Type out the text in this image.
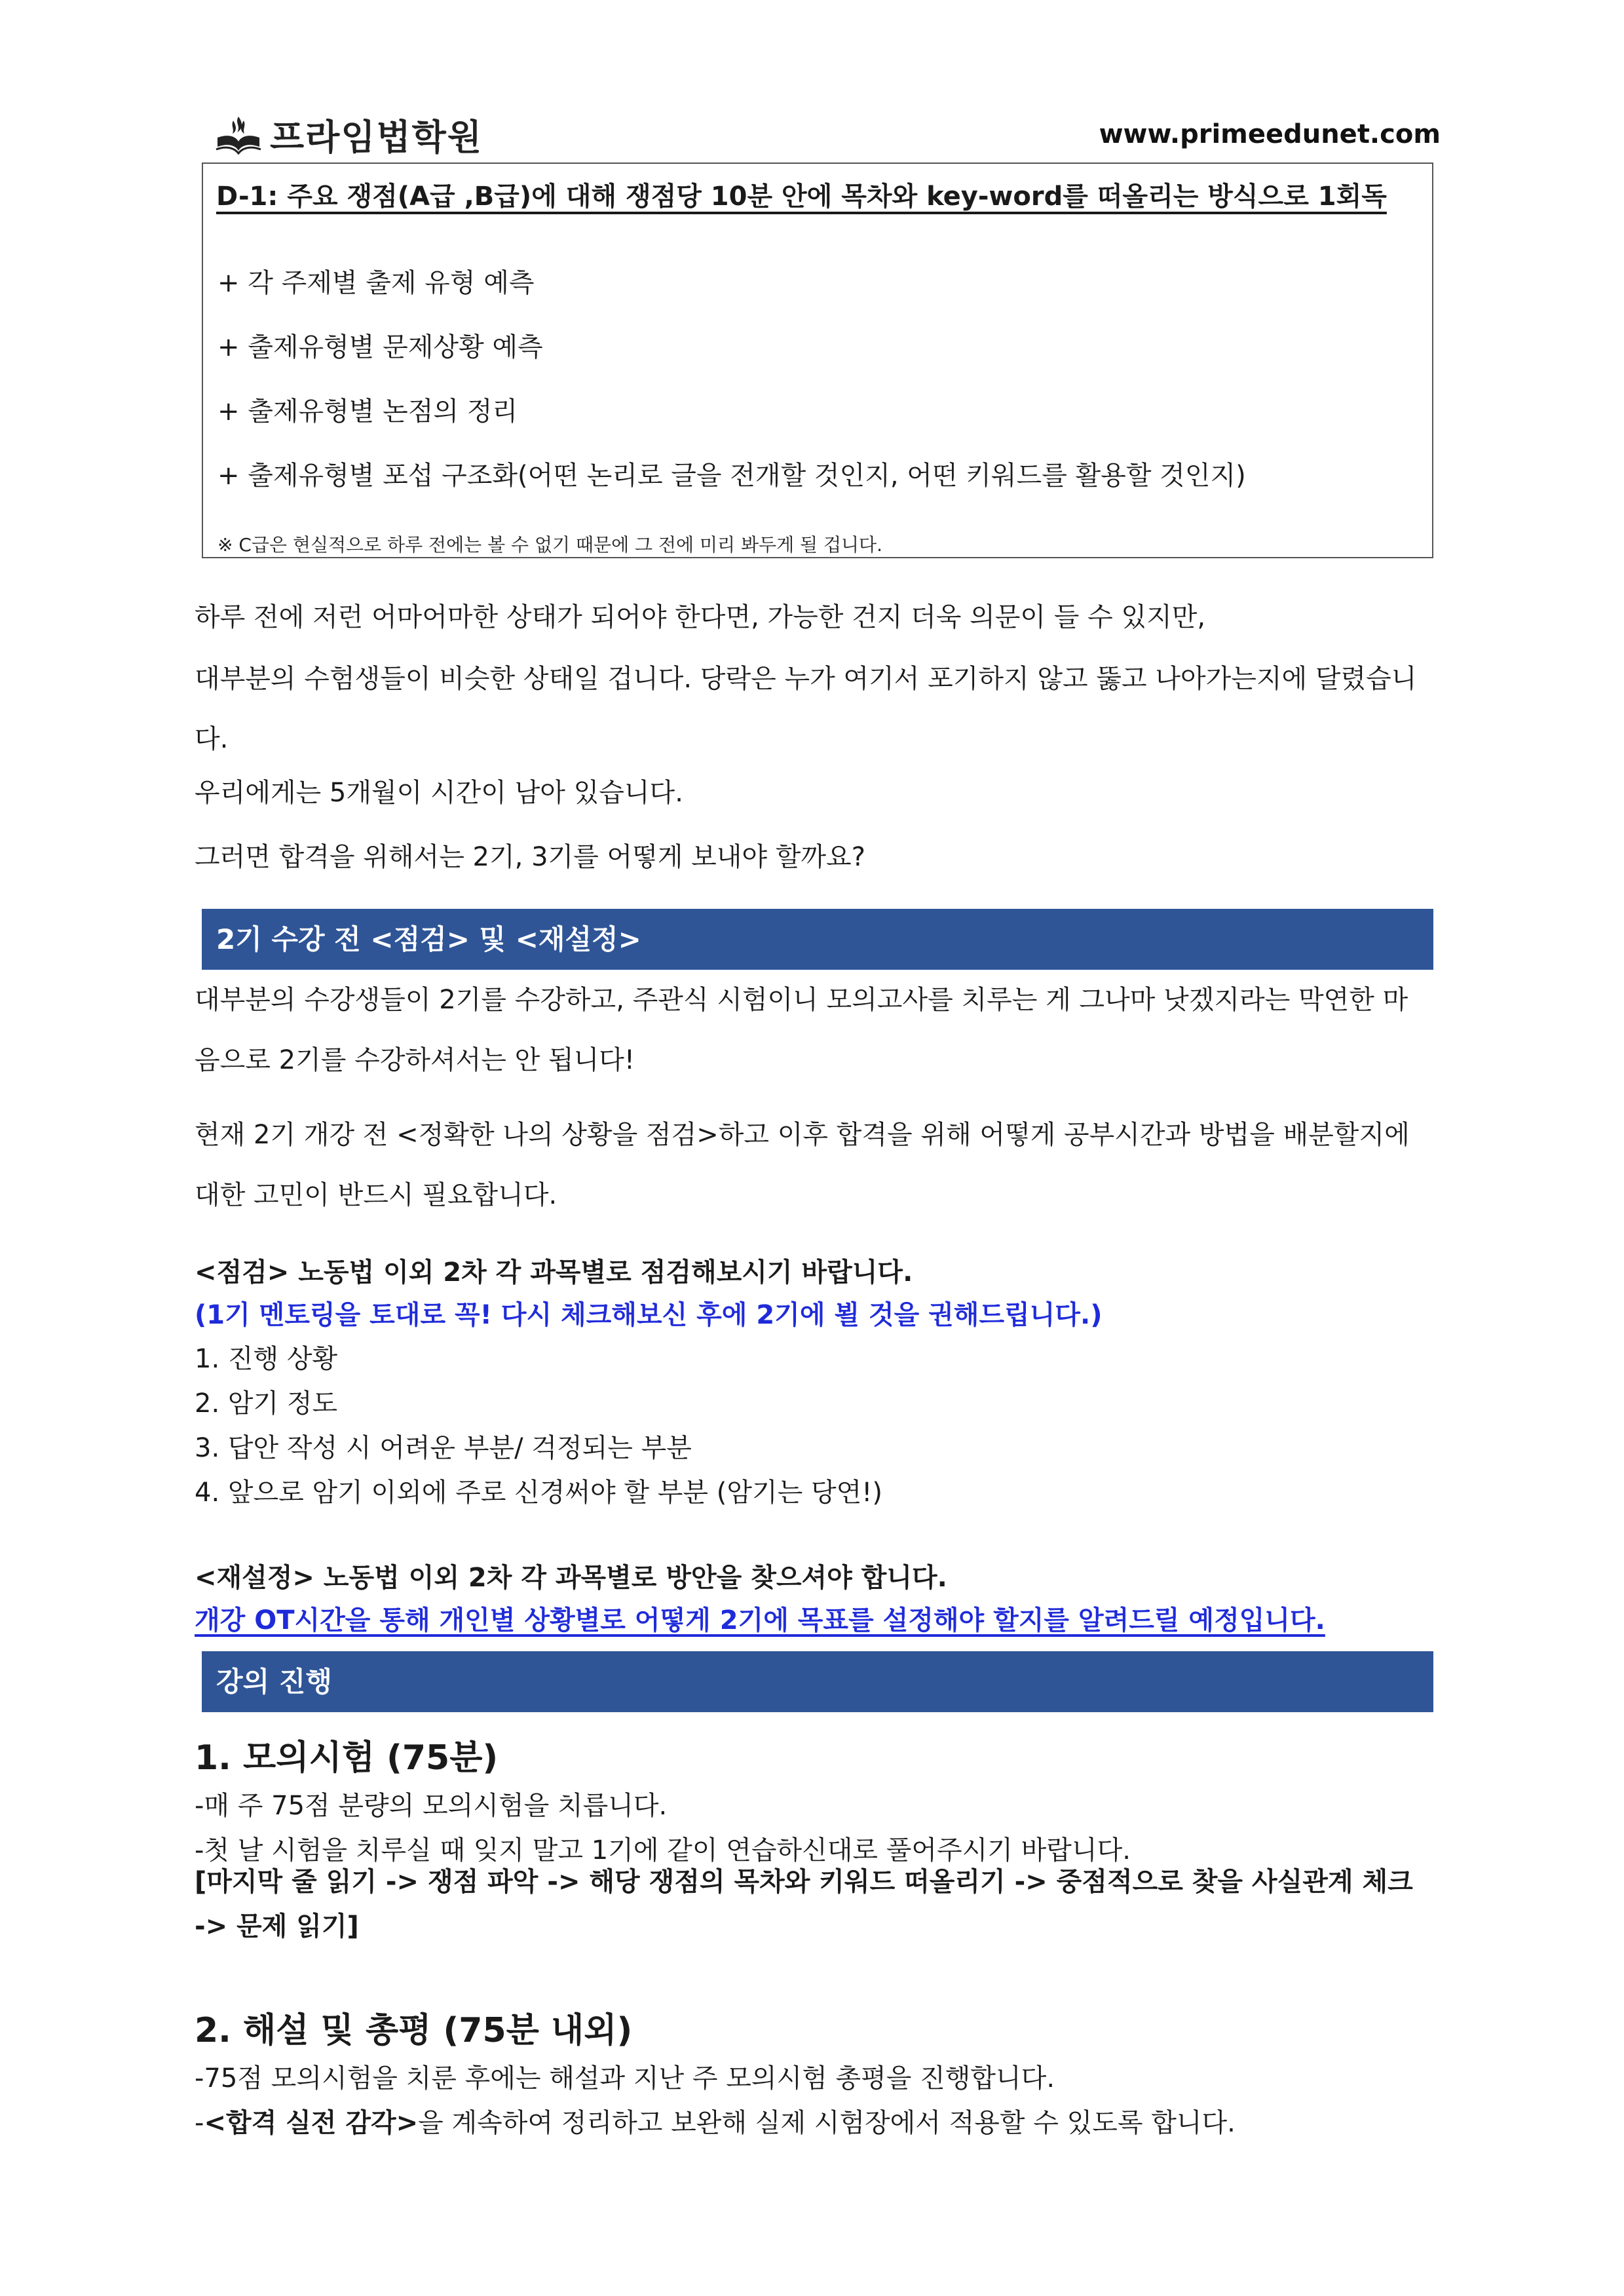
프라임법학원	www.primeedunet.com

D-1: 주요 쟁점(A급 ,B급)에 대해 쟁점당 10분 안에 목차와 key-word를 떠올리는 방식으로 1회독

+ 각 주제별 출제 유형 예측

+ 출제유형별 문제상황 예측

+ 출제유형별 논점의 정리

+ 출제유형별 포섭 구조화(어떤 논리로 글을 전개할 것인지, 어떤 키워드를 활용할 것인지)

※ C급은 현실적으로 하루 전에는 볼 수 없기 때문에 그 전에 미리 봐두게 될 겁니다.

하루 전에 저런 어마어마한 상태가 되어야 한다면, 가능한 건지 더욱 의문이 들 수 있지만,

대부분의 수험생들이 비슷한 상태일 겁니다. 당락은 누가 여기서 포기하지 않고 뚫고 나아가는지에 달렸습니다.

우리에게는 5개월이 시간이 남아 있습니다.

그러면 합격을 위해서는 2기, 3기를 어떻게 보내야 할까요?

2기 수강 전 <점검> 및 <재설정>

대부분의 수강생들이 2기를 수강하고, 주관식 시험이니 모의고사를 치루는 게 그나마 낫겠지라는 막연한 마음으로 2기를 수강하셔서는 안 됩니다!

현재 2기 개강 전 <정확한 나의 상황을 점검>하고 이후 합격을 위해 어떻게 공부시간과 방법을 배분할지에 대한 고민이 반드시 필요합니다.

<점검> 노동법 이외 2차 각 과목별로 점검해보시기 바랍니다.

(1기 멘토링을 토대로 꼭! 다시 체크해보신 후에 2기에 뵐 것을 권해드립니다.)

1. 진행 상황

2. 암기 정도

3. 답안 작성 시 어려운 부분/ 걱정되는 부분

4. 앞으로 암기 이외에 주로 신경써야 할 부분 (암기는 당연!)

<재설정> 노동법 이외 2차 각 과목별로 방안을 찾으셔야 합니다.

개강 OT시간을 통해 개인별 상황별로 어떻게 2기에 목표를 설정해야 할지를 알려드릴 예정입니다.

강의 진행

1. 모의시험 (75분)

-매 주 75점 분량의 모의시험을 치릅니다.

-첫 날 시험을 치루실 때 잊지 말고 1기에 같이 연습하신대로 풀어주시기 바랍니다.

[마지막 줄 읽기 -> 쟁점 파악 -> 해당 쟁점의 목차와 키워드 떠올리기 -> 중점적으로 찾을 사실관계 체크 -> 문제 읽기]

2. 해설 및 총평 (75분 내외)

-75점 모의시험을 치룬 후에는 해설과 지난 주 모의시험 총평을 진행합니다.

-<합격 실전 감각>을 계속하여 정리하고 보완해 실제 시험장에서 적용할 수 있도록 합니다.
